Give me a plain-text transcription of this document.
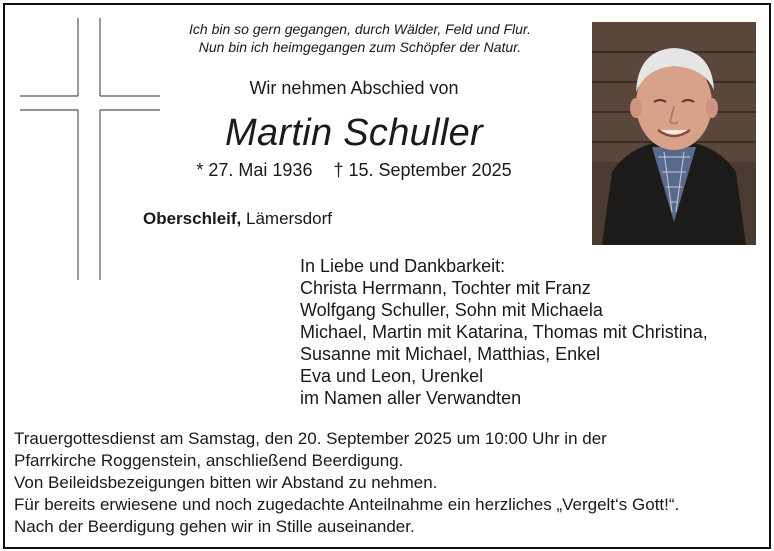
Ich bin so gern gegangen, durch Wälder, Feld und Flur.
Nun bin ich heimgegangen zum Schöpfer der Natur.
Wir nehmen Abschied von
Martin Schuller
* 27. Mai 1936 † 15. September 2025
Oberschleif, Lämersdorf
In Liebe und Dankbarkeit:
Christa Herrmann, Tochter mit Franz
Wolfgang Schuller, Sohn mit Michaela
Michael, Martin mit Katarina, Thomas mit Christina,
Susanne mit Michael, Matthias, Enkel
Eva und Leon, Urenkel
im Namen aller Verwandten
Trauergottesdienst am Samstag, den 20. September 2025 um 10:00 Uhr in der
Pfarrkirche Roggenstein, anschließend Beerdigung.
Von Beileidsbezeigungen bitten wir Abstand zu nehmen.
Für bereits erwiesene und noch zugedachte Anteilnahme ein herzliches „Vergelt‘s Gott!“.
Nach der Beerdigung gehen wir in Stille auseinander.
